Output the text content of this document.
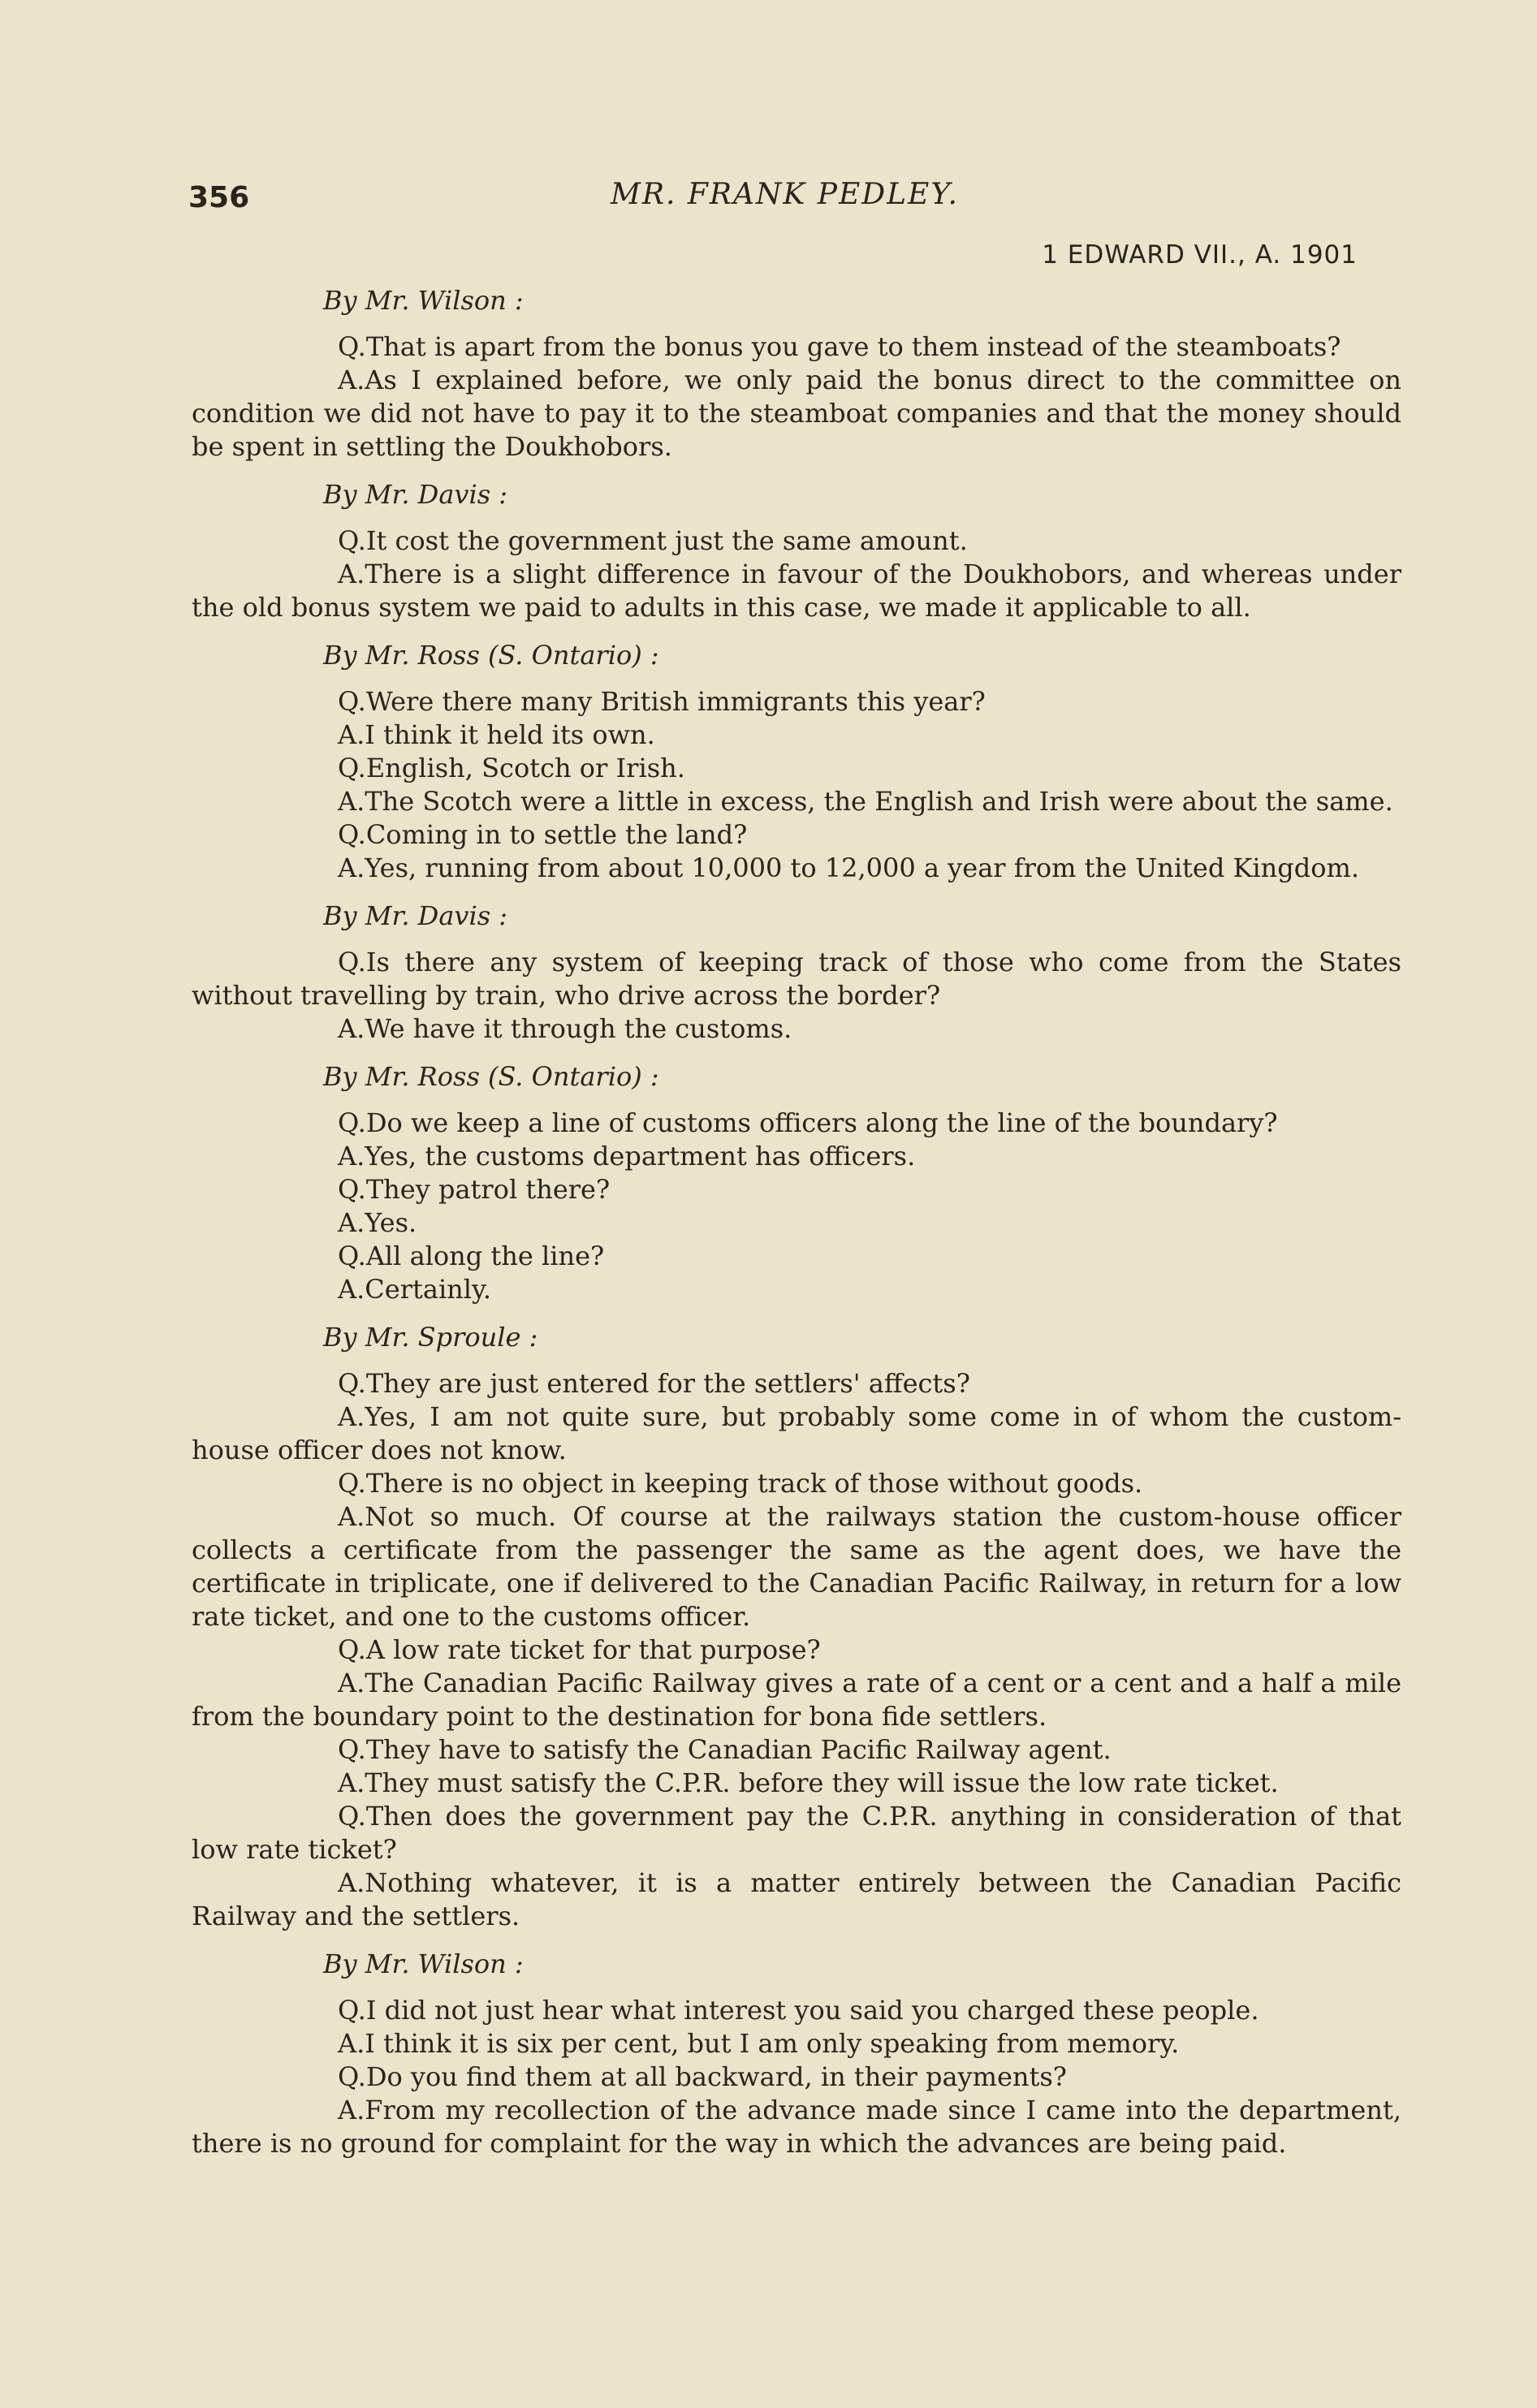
356	MR. FRANK PEDLEY.
1 EDWARD VII., A. 1901
By Mr. Wilson :

Q.That is apart from the bonus you gave to them instead of the steamboats?

A.As I explained before, we only paid the bonus direct to the committee on condition we did not have to pay it to the steamboat companies and that the money should be spent in settling the Doukhobors.

By Mr. Davis :

Q.It cost the government just the same amount.

A.There is a slight difference in favour of the Doukhobors, and whereas under the old bonus system we paid to adults in this case, we made it applicable to all.

By Mr. Ross (S. Ontario) :

Q.Were there many British immigrants this year?

A.I think it held its own.

Q.English, Scotch or Irish.

A.The Scotch were a little in excess, the English and Irish were about the same.

Q.Coming in to settle the land?

A.Yes, running from about 10,000 to 12,000 a year from the United Kingdom.

By Mr. Davis :

Q.Is there any system of keeping track of those who come from the States without travelling by train, who drive across the border?

A.We have it through the customs.

By Mr. Ross (S. Ontario) :

Q.Do we keep a line of customs officers along the line of the boundary?

A.Yes, the customs department has officers.

Q.They patrol there?

A.Yes.

Q.All along the line?

A.Certainly.

By Mr. Sproule :

Q.They are just entered for the settlers' affects?

A.Yes, I am not quite sure, but probably some come in of whom the custom-house officer does not know.

Q.There is no object in keeping track of those without goods.

A.Not so much. Of course at the railways station the custom-house officer collects a certificate from the passenger the same as the agent does, we have the certificate in triplicate, one if delivered to the Canadian Pacific Railway, in return for a low rate ticket, and one to the customs officer.

Q.A low rate ticket for that purpose?

A.The Canadian Pacific Railway gives a rate of a cent or a cent and a half a mile from the boundary point to the destination for bona fide settlers.

Q.They have to satisfy the Canadian Pacific Railway agent.

A.They must satisfy the C.P.R. before they will issue the low rate ticket.

Q.Then does the government pay the C.P.R. anything in consideration of that low rate ticket?

A.Nothing whatever, it is a matter entirely between the Canadian Pacific Railway and the settlers.

By Mr. Wilson :

Q.I did not just hear what interest you said you charged these people.

A.I think it is six per cent, but I am only speaking from memory.

Q.Do you find them at all backward, in their payments?

A.From my recollection of the advance made since I came into the department, there is no ground for complaint for the way in which the advances are being paid.
